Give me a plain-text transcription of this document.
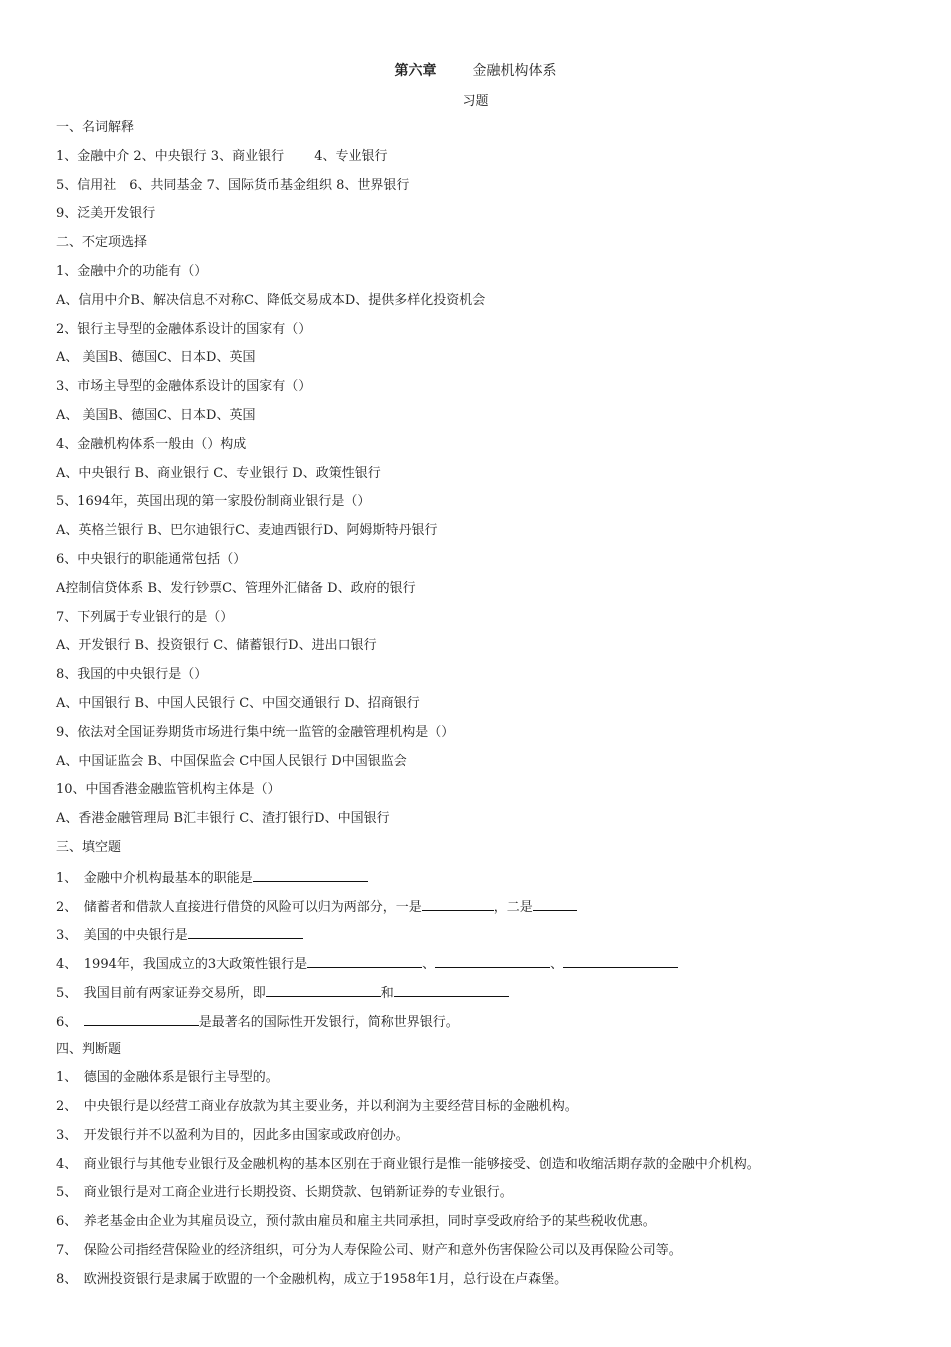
第六章	金融机构体系
习题
一、名词解释
1、金融中介 2、中央银行 3、商业银行　　 4、专业银行
5、信用社　6、共同基金 7、国际货币基金组织 8、世界银行
9、泛美开发银行
二、不定项选择
1、金融中介的功能有（）
A、信用中介B、解决信息不对称C、降低交易成本D、提供多样化投资机会
2、银行主导型的金融体系设计的国家有（）
A、 美国B、德国C、日本D、英国
3、市场主导型的金融体系设计的国家有（）
A、 美国B、德国C、日本D、英国
4、金融机构体系一般由（）构成
A、中央银行 B、商业银行 C、专业银行 D、政策性银行
5、1694年，英国出现的第一家股份制商业银行是（）
A、英格兰银行 B、巴尔迪银行C、麦迪西银行D、阿姆斯特丹银行
6、中央银行的职能通常包括（）
A控制信贷体系 B、发行钞票C、管理外汇储备 D、政府的银行
7、下列属于专业银行的是（）
A、开发银行 B、投资银行 C、储蓄银行D、进出口银行
8、我国的中央银行是（）
A、中国银行 B、中国人民银行 C、中国交通银行 D、招商银行
9、依法对全国证券期货市场进行集中统一监管的金融管理机构是（）
A、中国证监会 B、中国保监会 C中国人民银行 D中国银监会
10、中国香港金融监管机构主体是（）
A、香港金融管理局 B汇丰银行 C、渣打银行D、中国银行
三、填空题
1、　金融中介机构最基本的职能是
2、　储蓄者和借款人直接进行借贷的风险可以归为两部分，一是	，二是
3、　美国的中央银行是
4、　1994年，我国成立的3大政策性银行是	、	、
5、　我国目前有两家证券交易所，即	和
6、　	是最著名的国际性开发银行，简称世界银行。
四、判断题
1、　德国的金融体系是银行主导型的。
2、　中央银行是以经营工商业存放款为其主要业务，并以利润为主要经营目标的金融机构。
3、　开发银行并不以盈利为目的，因此多由国家或政府创办。
4、　商业银行与其他专业银行及金融机构的基本区别在于商业银行是惟一能够接受、创造和收缩活期存款的金融中介机构。
5、　商业银行是对工商企业进行长期投资、长期贷款、包销新证券的专业银行。
6、　养老基金由企业为其雇员设立，预付款由雇员和雇主共同承担，同时享受政府给予的某些税收优惠。
7、　保险公司指经营保险业的经济组织，可分为人寿保险公司、财产和意外伤害保险公司以及再保险公司等。
8、　欧洲投资银行是隶属于欧盟的一个金融机构，成立于1958年1月，总行设在卢森堡。
